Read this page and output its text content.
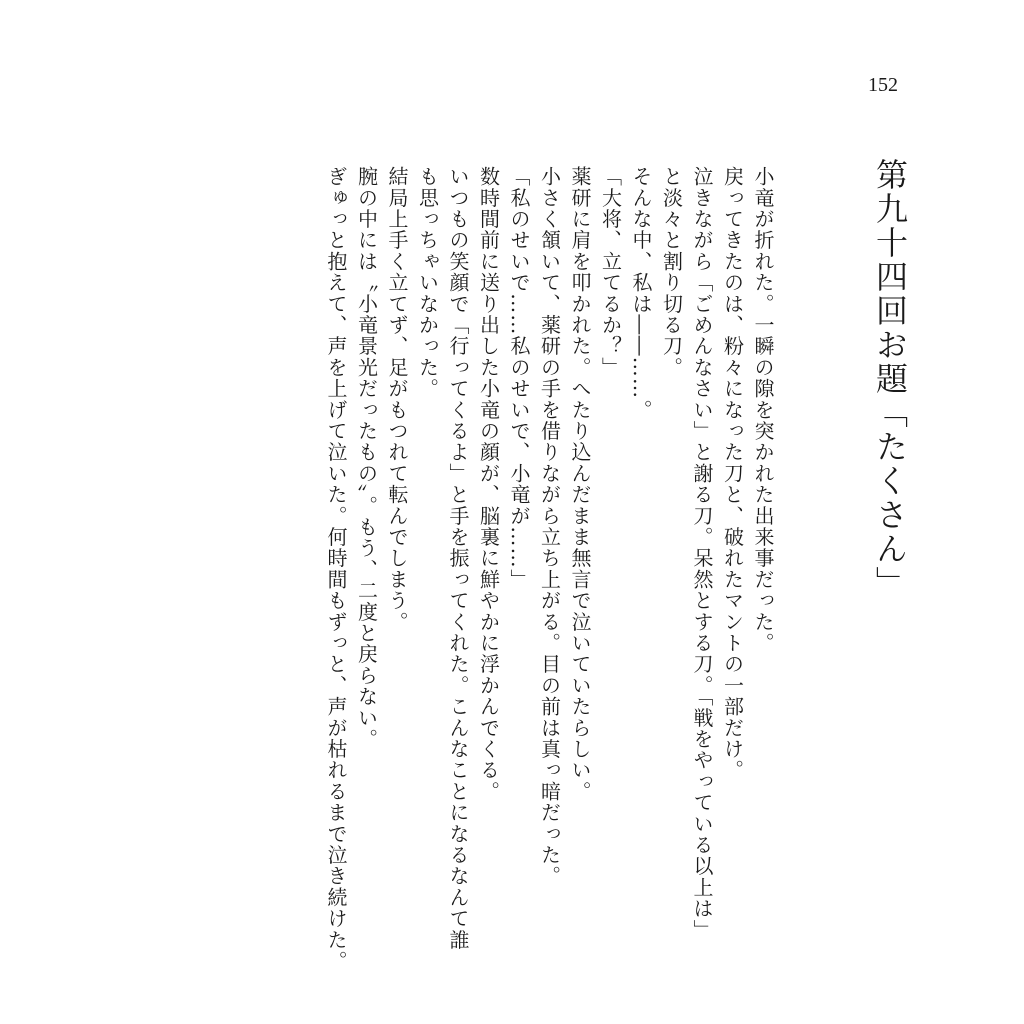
152
第九十四回お題「たくさん」
小竜が折れた。一瞬の隙を突かれた出来事だった。
戻ってきたのは、粉々になった刀と、破れたマントの一部だけ。
泣きながら「ごめんなさい」と謝る刀。呆然とする刀。「戦をやっている以上は」
と淡々と割り切る刀。
そんな中、私は――……。
「大将、立てるか？」
薬研に肩を叩かれた。へたり込んだまま無言で泣いていたらしい。
小さく頷いて、薬研の手を借りながら立ち上がる。目の前は真っ暗だった。
「私のせいで……私のせいで、小竜が……」
数時間前に送り出した小竜の顔が、脳裏に鮮やかに浮かんでくる。
いつもの笑顔で「行ってくるよ」と手を振ってくれた。こんなことになるなんて誰
も思っちゃいなかった。
結局上手く立てず、足がもつれて転んでしまう。
腕の中には〝小竜景光だったもの〟。もう、二度と戻らない。
ぎゅっと抱えて、声を上げて泣いた。何時間もずっと、声が枯れるまで泣き続けた。
